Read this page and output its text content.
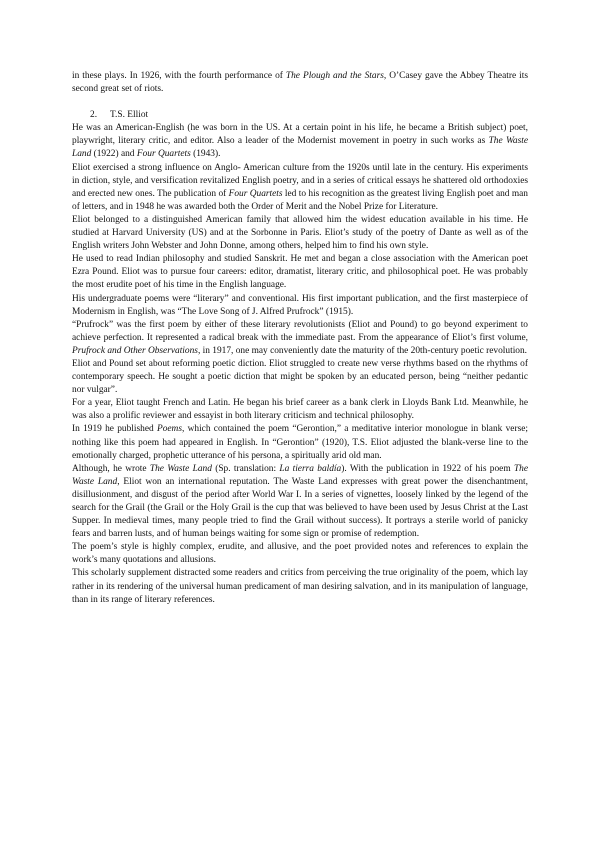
in these plays. In 1926, with the fourth performance of The Plough and the Stars, O’Casey gave the Abbey Theatre its second great set of riots.

2. T.S. Elliot

He was an American-English (he was born in the US. At a certain point in his life, he became a British subject) poet, playwright, literary critic, and editor. Also a leader of the Modernist movement in poetry in such works as The Waste Land (1922) and Four Quartets (1943).

Eliot exercised a strong influence on Anglo- American culture from the 1920s until late in the century. His experiments in diction, style, and versification revitalized English poetry, and in a series of critical essays he shattered old orthodoxies and erected new ones. The publication of Four Quartets led to his recognition as the greatest living English poet and man of letters, and in 1948 he was awarded both the Order of Merit and the Nobel Prize for Literature.

Eliot belonged to a distinguished American family that allowed him the widest education available in his time. He studied at Harvard University (US) and at the Sorbonne in Paris. Eliot’s study of the poetry of Dante as well as of the English writers John Webster and John Donne, among others, helped him to find his own style.

He used to read Indian philosophy and studied Sanskrit. He met and began a close association with the American poet Ezra Pound. Eliot was to pursue four careers: editor, dramatist, literary critic, and philosophical poet. He was probably the most erudite poet of his time in the English language.

His undergraduate poems were “literary” and conventional. His first important publication, and the first masterpiece of Modernism in English, was “The Love Song of J. Alfred Prufrock” (1915).

“Prufrock” was the first poem by either of these literary revolutionists (Eliot and Pound) to go beyond experiment to achieve perfection. It represented a radical break with the immediate past. From the appearance of Eliot’s first volume, Prufrock and Other Observations, in 1917, one may conveniently date the maturity of the 20th-century poetic revolution.

Eliot and Pound set about reforming poetic diction. Eliot struggled to create new verse rhythms based on the rhythms of contemporary speech. He sought a poetic diction that might be spoken by an educated person, being “neither pedantic nor vulgar”.

For a year, Eliot taught French and Latin. He began his brief career as a bank clerk in Lloyds Bank Ltd. Meanwhile, he was also a prolific reviewer and essayist in both literary criticism and technical philosophy.

In 1919 he published Poems, which contained the poem “Gerontion,” a meditative interior monologue in blank verse; nothing like this poem had appeared in English. In “Gerontion” (1920), T.S. Eliot adjusted the blank-verse line to the emotionally charged, prophetic utterance of his persona, a spiritually arid old man.

Although, he wrote The Waste Land (Sp. translation: La tierra baldía). With the publication in 1922 of his poem The Waste Land, Eliot won an international reputation. The Waste Land expresses with great power the disenchantment, disillusionment, and disgust of the period after World War I. In a series of vignettes, loosely linked by the legend of the search for the Grail (the Grail or the Holy Grail is the cup that was believed to have been used by Jesus Christ at the Last Supper. In medieval times, many people tried to find the Grail without success). It portrays a sterile world of panicky fears and barren lusts, and of human beings waiting for some sign or promise of redemption.

The poem’s style is highly complex, erudite, and allusive, and the poet provided notes and references to explain the work’s many quotations and allusions.

This scholarly supplement distracted some readers and critics from perceiving the true originality of the poem, which lay rather in its rendering of the universal human predicament of man desiring salvation, and in its manipulation of language, than in its range of literary references.
